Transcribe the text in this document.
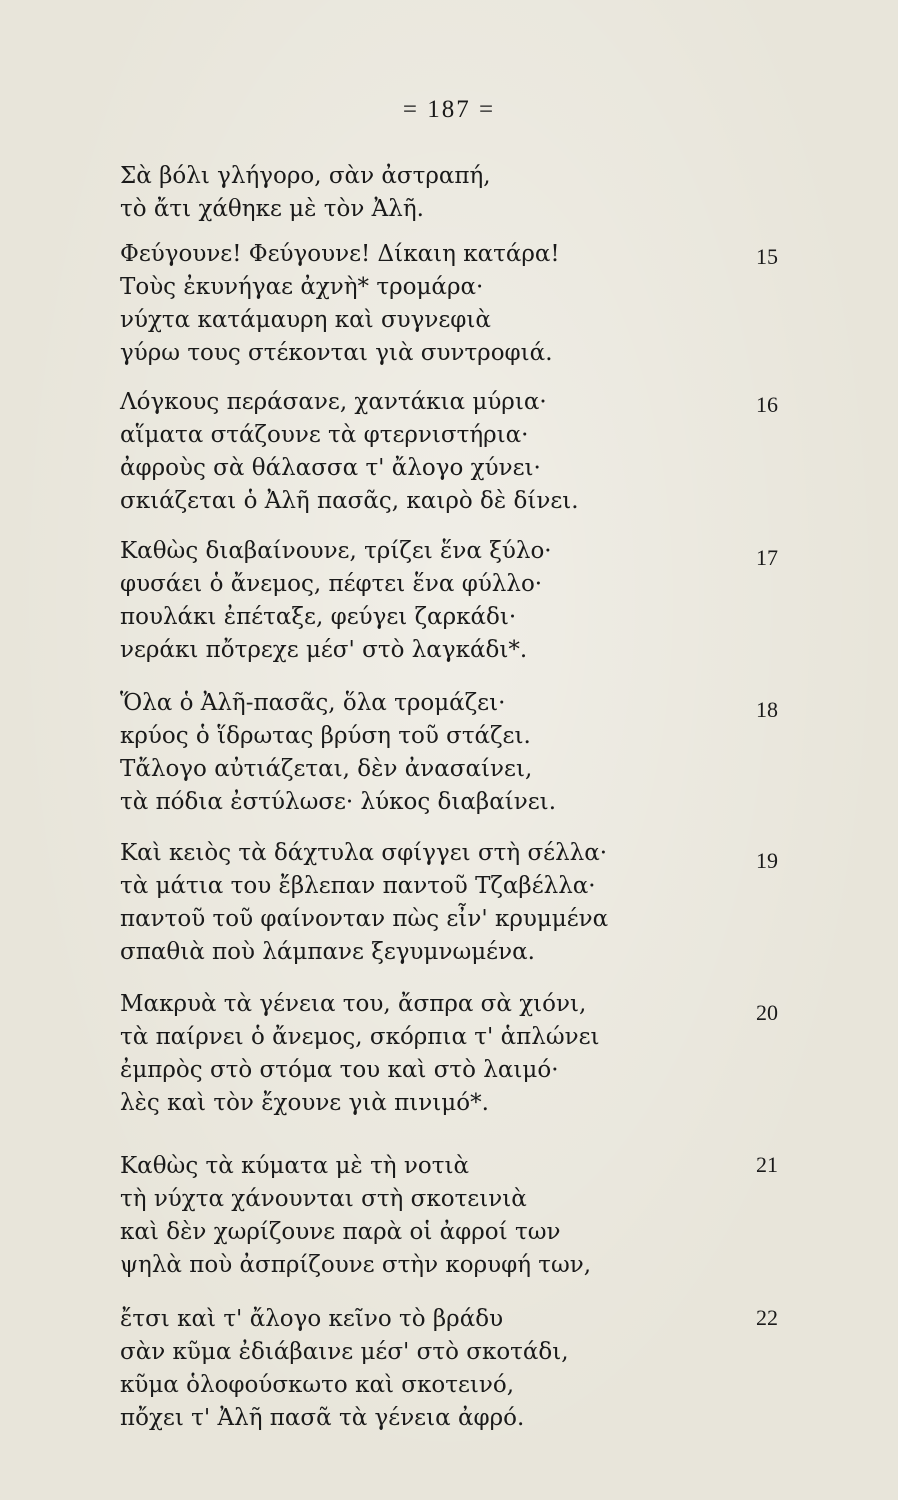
= 187 =
Σὰ βόλι γλήγορο, σὰν ἀστραπή,
τὸ ἄτι χάθηκε μὲ τὸν Ἀλῆ.
Φεύγουνε! Φεύγουνε! Δίκαιη κατάρα!
Τοὺς ἐκυνήγαε ἀχνὴ* τρομάρα·
νύχτα κατάμαυρη καὶ συγνεφιὰ
γύρω τους στέκονται γιὰ συντροφιά.
15
Λόγκους περάσανε, χαντάκια μύρια·
αἵματα στάζουνε τὰ φτερνιστήρια·
ἀφροὺς σὰ θάλασσα τ' ἄλογο χύνει·
σκιάζεται ὁ Ἀλῆ πασᾶς, καιρὸ δὲ δίνει.
16
Καθὼς διαβαίνουνε, τρίζει ἕνα ξύλο·
φυσάει ὁ ἄνεμος, πέφτει ἕνα φύλλο·
πουλάκι ἐπέταξε, φεύγει ζαρκάδι·
νεράκι πὄτρεχε μέσ' στὸ λαγκάδι*.
17
Ὅλα ὁ Ἀλῆ-πασᾶς, ὅλα τρομάζει·
κρύος ὁ ἵδρωτας βρύση τοῦ στάζει.
Τἄλογο αὐτιάζεται, δὲν ἀνασαίνει,
τὰ πόδια ἐστύλωσε· λύκος διαβαίνει.
18
Καὶ κειὸς τὰ δάχτυλα σφίγγει στὴ σέλλα·
τὰ μάτια του ἔβλεπαν παντοῦ Τζαβέλλα·
παντοῦ τοῦ φαίνονταν πὼς εἶν' κρυμμένα
σπαθιὰ ποὺ λάμπανε ξεγυμνωμένα.
19
Μακρυὰ τὰ γένεια του, ἄσπρα σὰ χιόνι,
τὰ παίρνει ὁ ἄνεμος, σκόρπια τ' ἁπλώνει
ἐμπρὸς στὸ στόμα του καὶ στὸ λαιμό·
λὲς καὶ τὸν ἔχουνε γιὰ πινιμό*.
20
Καθὼς τὰ κύματα μὲ τὴ νοτιὰ
τὴ νύχτα χάνουνται στὴ σκοτεινιὰ
καὶ δὲν χωρίζουνε παρὰ οἱ ἀφροί των
ψηλὰ ποὺ ἀσπρίζουνε στὴν κορυφή των,
21
ἔτσι καὶ τ' ἄλογο κεῖνο τὸ βράδυ
σὰν κῦμα ἐδιάβαινε μέσ' στὸ σκοτάδι,
κῦμα ὁλοφούσκωτο καὶ σκοτεινό,
πὄχει τ' Ἀλῆ πασᾶ τὰ γένεια ἀφρό.
22
